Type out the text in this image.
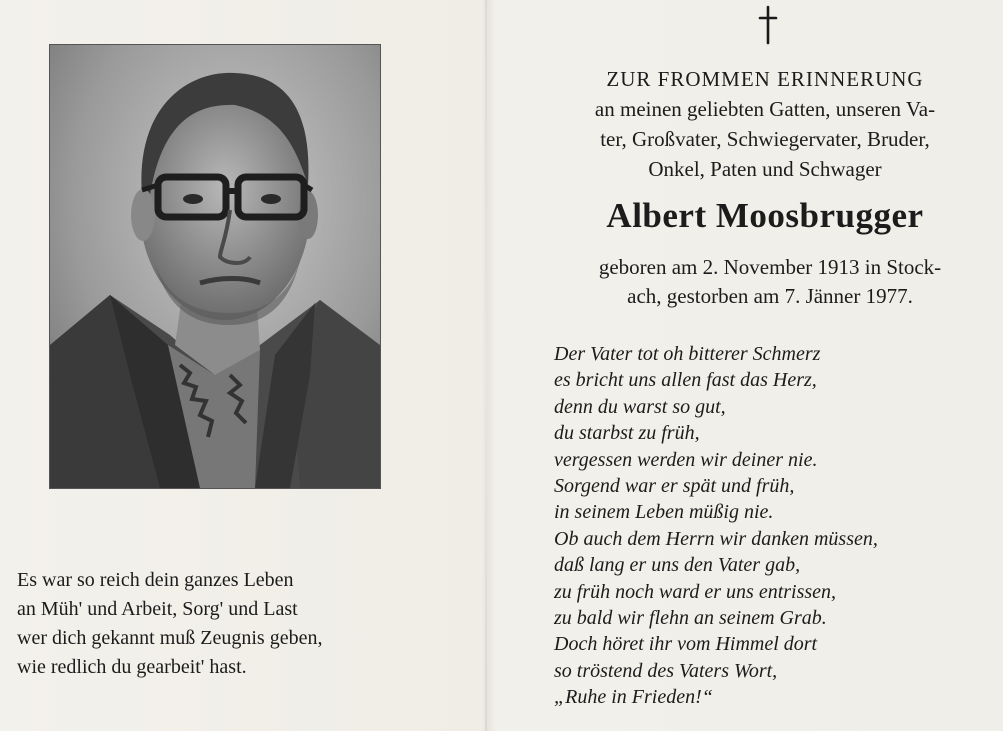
Es war so reich dein ganzes Leben
an Müh' und Arbeit, Sorg' und Last
wer dich gekannt muß Zeugnis geben,
wie redlich du gearbeit' hast.
ZUR FROMMEN ERINNERUNG
an meinen geliebten Gatten, unseren Va-
ter, Großvater, Schwiegervater, Bruder,
Onkel, Paten und Schwager
Albert Moosbrugger
geboren am 2. November 1913 in Stock-
ach, gestorben am 7. Jänner 1977.
Der Vater tot oh bitterer Schmerz
es bricht uns allen fast das Herz,
denn du warst so gut,
du starbst zu früh,
vergessen werden wir deiner nie.
Sorgend war er spät und früh,
in seinem Leben müßig nie.
Ob auch dem Herrn wir danken müssen,
daß lang er uns den Vater gab,
zu früh noch ward er uns entrissen,
zu bald wir flehn an seinem Grab.
Doch höret ihr vom Himmel dort
so tröstend des Vaters Wort,
„Ruhe in Frieden!“
